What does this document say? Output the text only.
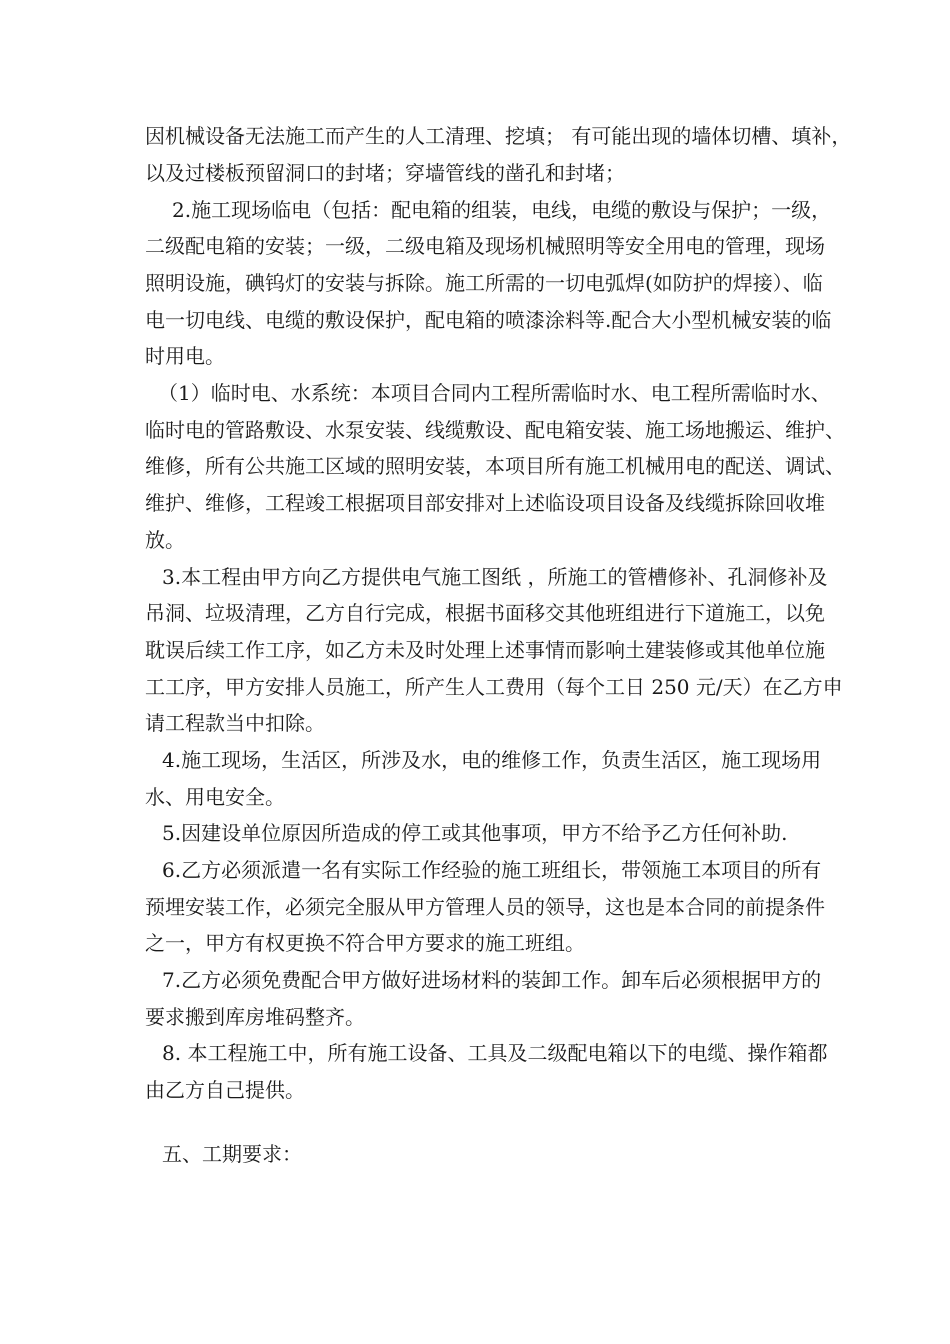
因机械设备无法施工而产生的人工清理、挖填； 有可能出现的墙体切槽、填补，
以及过楼板预留洞口的封堵；穿墙管线的凿孔和封堵；
2.施工现场临电（包括：配电箱的组装，电线，电缆的敷设与保护；一级，
二级配电箱的安装；一级，二级电箱及现场机械照明等安全用电的管理，现场
照明设施，碘钨灯的安装与拆除。施工所需的一切电弧焊(如防护的焊接）、临
电一切电线、电缆的敷设保护，配电箱的喷漆涂料等.配合大小型机械安装的临
时用电。
（1）临时电、水系统：本项目合同内工程所需临时水、电工程所需临时水、
临时电的管路敷设、水泵安装、线缆敷设、配电箱安装、施工场地搬运、维护、
维修，所有公共施工区域的照明安装，本项目所有施工机械用电的配送、调试、
维护、维修，工程竣工根据项目部安排对上述临设项目设备及线缆拆除回收堆
放。
3.本工程由甲方向乙方提供电气施工图纸 ，所施工的管槽修补、孔洞修补及
吊洞、垃圾清理，乙方自行完成，根据书面移交其他班组进行下道施工，以免
耽误后续工作工序，如乙方未及时处理上述事情而影响土建装修或其他单位施
工工序，甲方安排人员施工，所产生人工费用（每个工日 250 元/天）在乙方申
请工程款当中扣除。
4.施工现场，生活区，所涉及水，电的维修工作，负责生活区，施工现场用
水、用电安全。
5.因建设单位原因所造成的停工或其他事项，甲方不给予乙方任何补助.
6.乙方必须派遣一名有实际工作经验的施工班组长，带领施工本项目的所有
预埋安装工作，必须完全服从甲方管理人员的领导，这也是本合同的前提条件
之一，甲方有权更换不符合甲方要求的施工班组。
7.乙方必须免费配合甲方做好进场材料的装卸工作。卸车后必须根据甲方的
要求搬到库房堆码整齐。
8. 本工程施工中，所有施工设备、工具及二级配电箱以下的电缆、操作箱都
由乙方自己提供。
五、工期要求：
